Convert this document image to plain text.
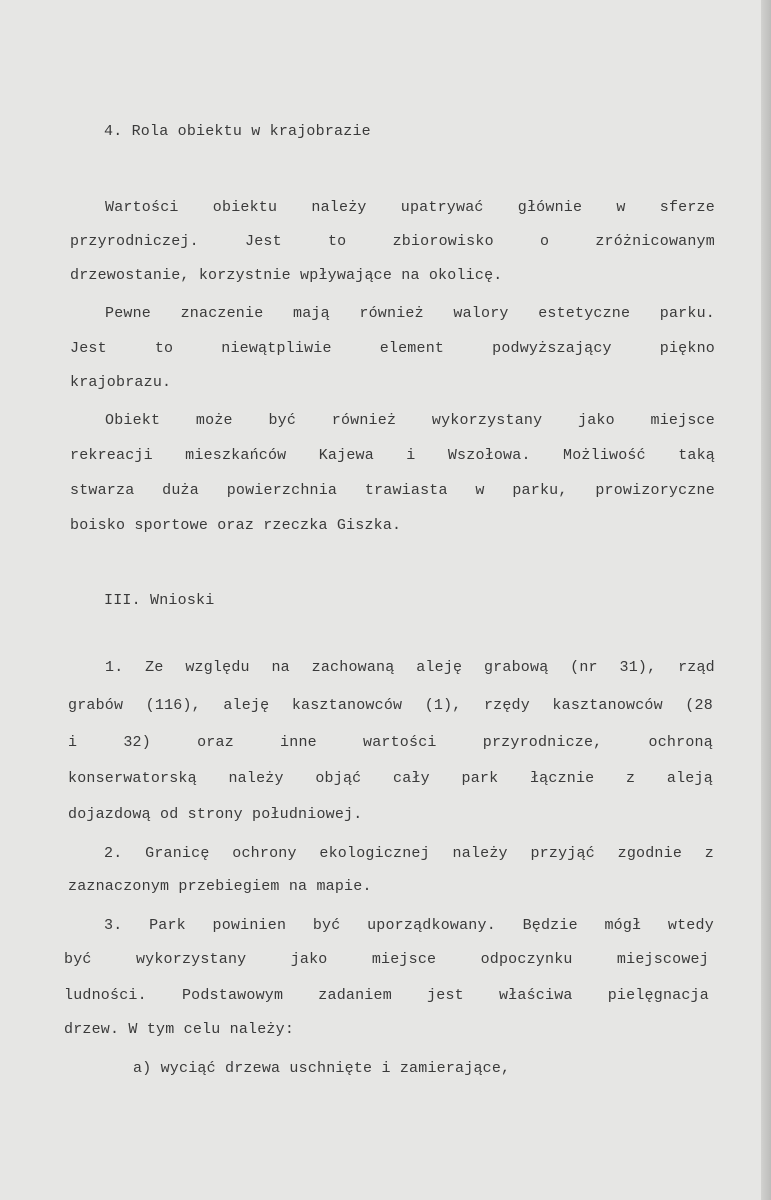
4. Rola obiektu w krajobrazie
Wartości obiektu należy upatrywać głównie w sferze
przyrodniczej.	Jest	to	zbiorowisko	o	zróżnicowanym
drzewostanie, korzystnie wpływające na okolicę.
Pewne znaczenie mają również walory estetyczne parku.
Jest	to	niewątpliwie	element	podwyższający	piękno
krajobrazu.
Obiekt może być również wykorzystany jako miejsce
rekreacji mieszkańców Kajewa i Wszołowa. Możliwość taką
stwarza duża powierzchnia trawiasta w parku, prowizoryczne
boisko sportowe oraz rzeczka Giszka.
III. Wnioski
1. Ze względu na zachowaną aleję grabową (nr 31), rząd
grabów (116), aleję kasztanowców (1), rzędy kasztanowców (28
i	32)	oraz	inne	wartości	przyrodnicze,	ochroną
konserwatorską należy objąć cały park łącznie z aleją
dojazdową od strony południowej.
2. Granicę ochrony ekologicznej należy przyjąć zgodnie z
zaznaczonym przebiegiem na mapie.
3. Park powinien być uporządkowany. Będzie mógł wtedy
być	wykorzystany	jako	miejsce	odpoczynku	miejscowej
ludności. Podstawowym zadaniem jest właściwa pielęgnacja
drzew. W tym celu należy:
a) wyciąć drzewa uschnięte i zamierające,
